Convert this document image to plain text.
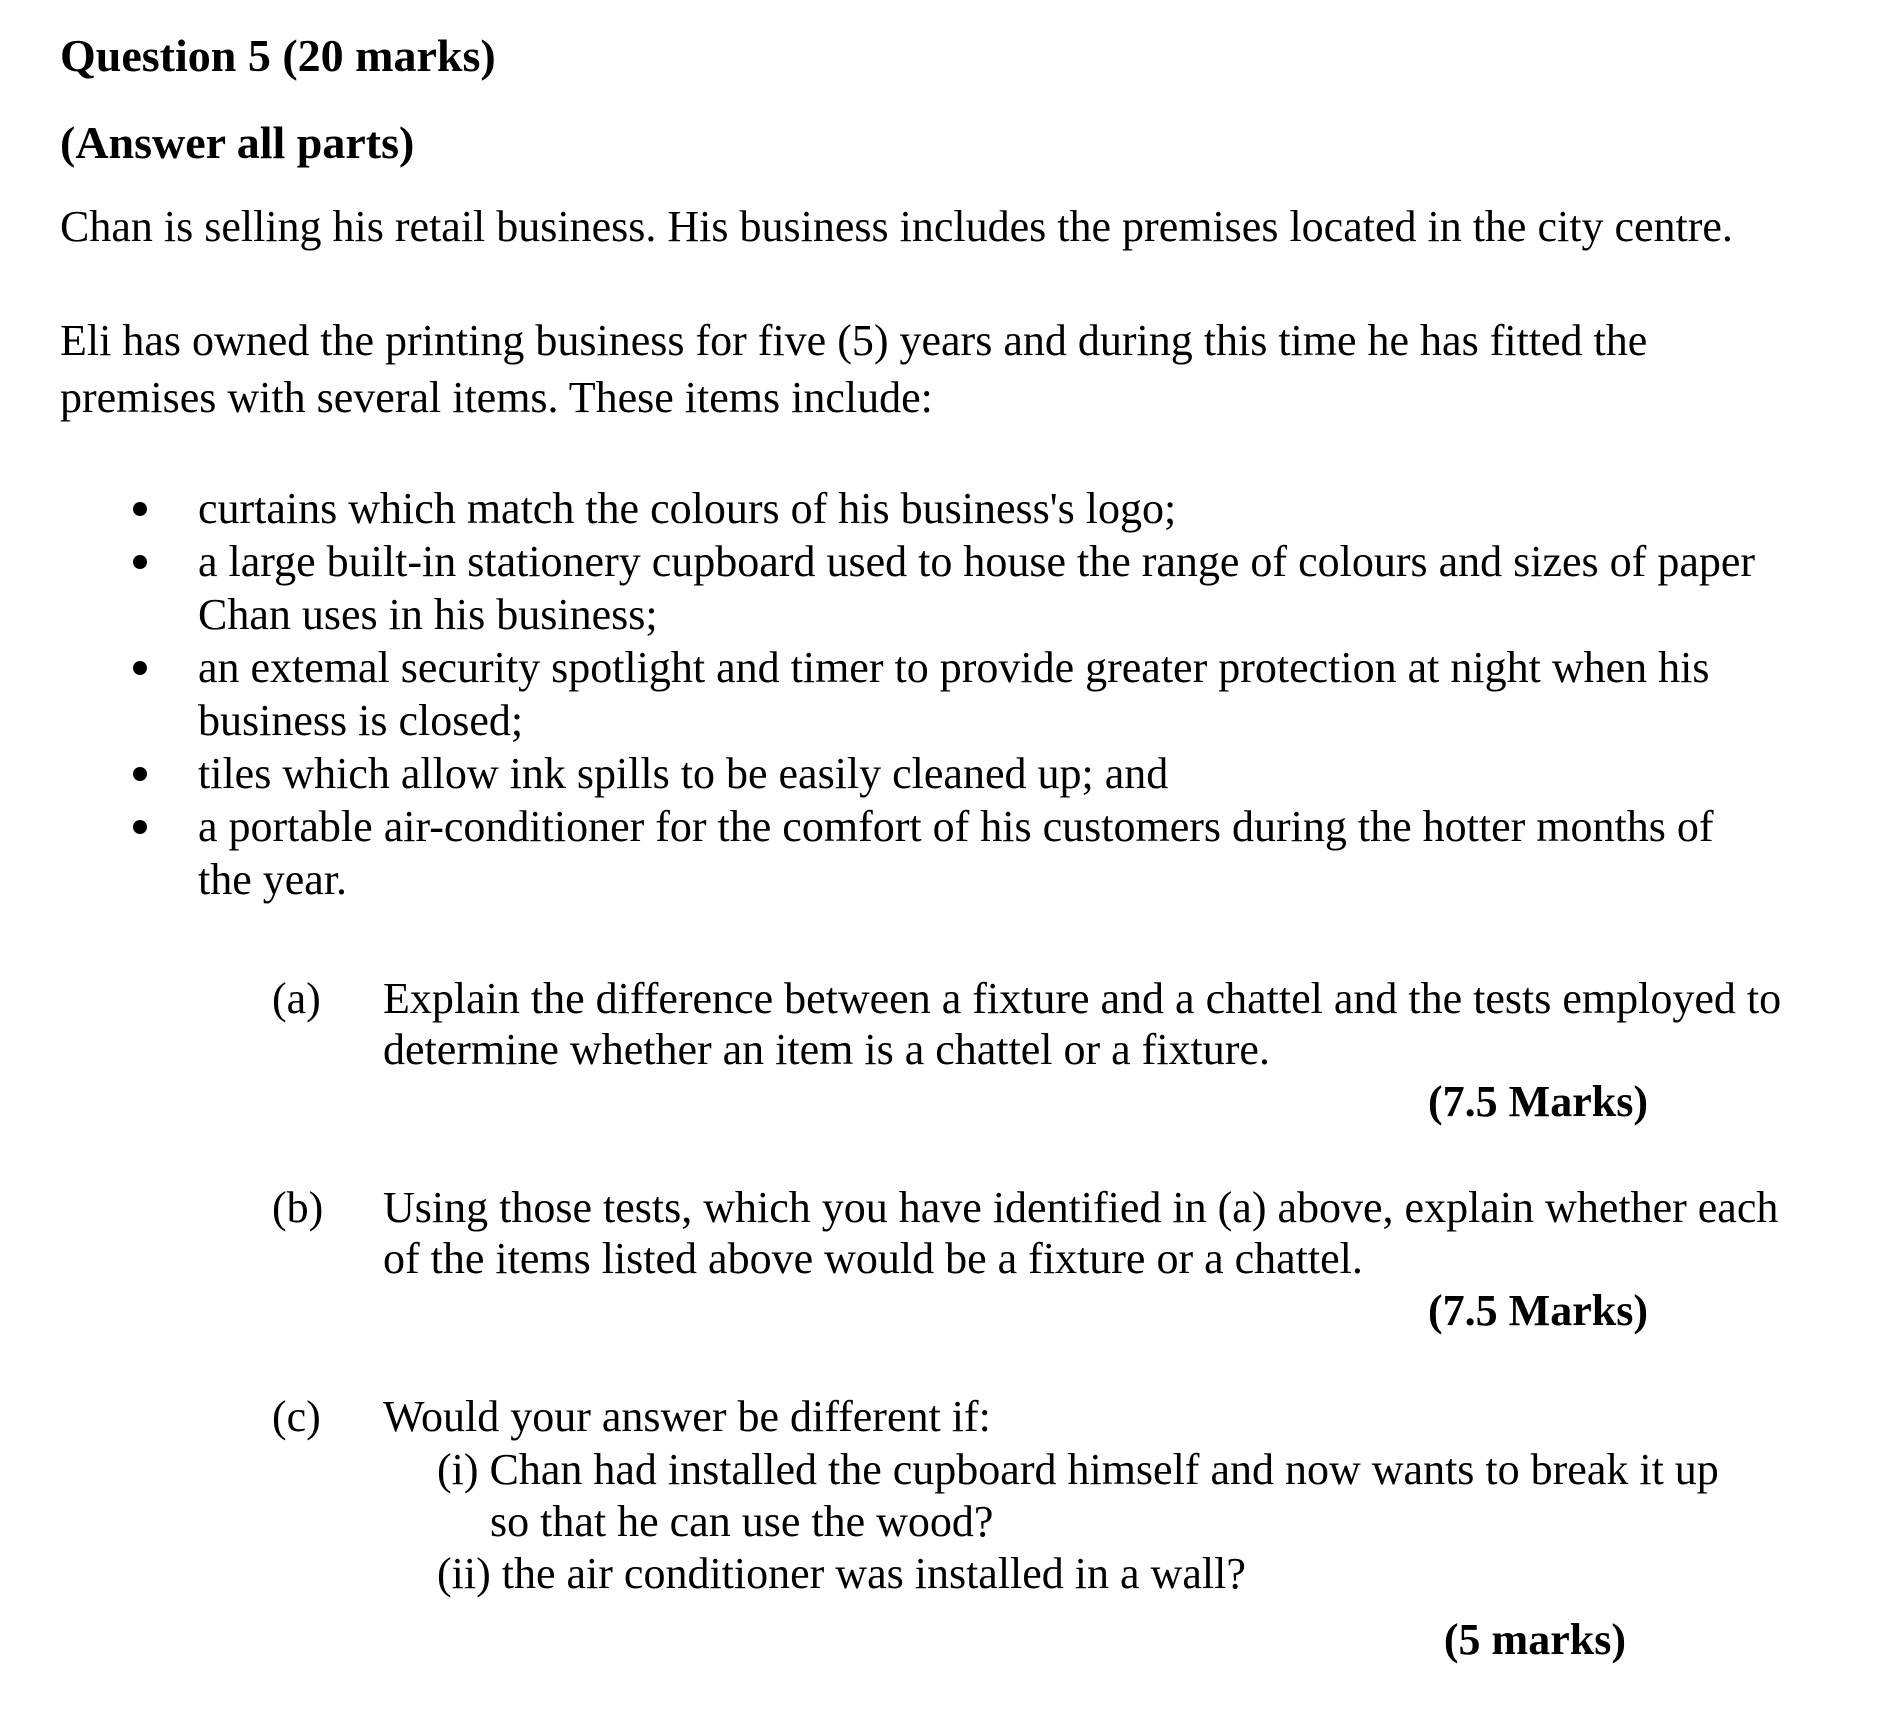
Question 5 (20 marks)
(Answer all parts)
Chan is selling his retail business. His business includes the premises located in the city centre.
Eli has owned the printing business for five (5) years and during this time he has fitted the premises with several items. These items include:
curtains which match the colours of his business's logo;
a large built-in stationery cupboard used to house the range of colours and sizes of paper Chan uses in his business;
an extemal security spotlight and timer to provide greater protection at night when his business is closed;
tiles which allow ink spills to be easily cleaned up; and
a portable air-conditioner for the comfort of his customers during the hotter months of the year.
(a) Explain the difference between a fixture and a chattel and the tests employed to determine whether an item is a chattel or a fixture.
(7.5 Marks)
(b) Using those tests, which you have identified in (a) above, explain whether each of the items listed above would be a fixture or a chattel.
(7.5 Marks)
(c) Would your answer be different if:
(i) Chan had installed the cupboard himself and now wants to break it up
so that he can use the wood?
(ii) the air conditioner was installed in a wall?
(5 marks)
